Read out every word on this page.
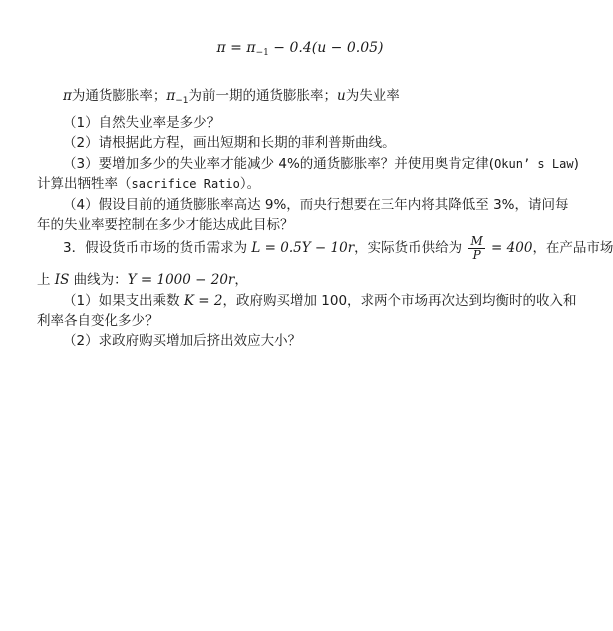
$\pi = \pi_{-1} - 0.4(u - 0.05)$
π为通货膨胀率；$\pi_{-1}$为前一期的通货膨胀率；u为失业率
（1）自然失业率是多少？
（2）请根据此方程，画出短期和长期的菲利普斯曲线。
（3）要增加多少的失业率才能减少 4%的通货膨胀率？并使用奥肯定律(Okun’ s Law)
计算出牺牲率（sacrifice Ratio）。
（4）假设目前的通货膨胀率高达 9%，而央行想要在三年内将其降低至 3%，请问每
年的失业率要控制在多少才能达成此目标？
3．假设货币市场的货币需求为 L = 0.5Y − 10r，实际货币供给为 $\frac{M}{P} = 400$，在产品市场
上 IS 曲线为：Y = 1000 − 20r，
（1）如果支出乘数 K = 2，政府购买增加 100，求两个市场再次达到均衡时的收入和
利率各自变化多少？
（2）求政府购买增加后挤出效应大小？
